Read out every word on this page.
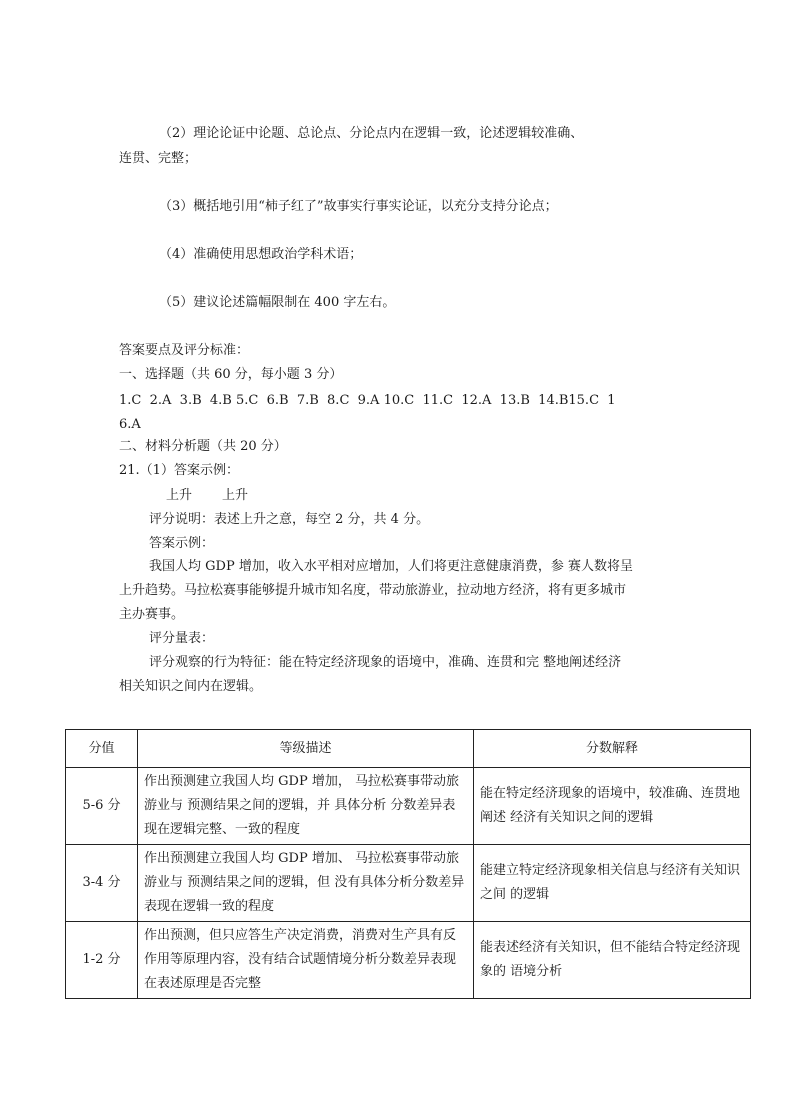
（2）理论论证中论题、总论点、分论点内在逻辑一致，论述逻辑较准确、
连贯、完整；
（3）概括地引用“柿子红了”故事实行事实论证，以充分支持分论点；
（4）准确使用思想政治学科术语；
（5）建议论述篇幅限制在 400 字左右。
答案要点及评分标准：
一、选择题（共 60 分，每小题 3 分）
1.C  2.A  3.B  4.B 5.C  6.B  7.B  8.C  9.A 10.C  11.C  12.A  13.B  14.B15.C  1
6.A
二、材料分析题（共 20 分）
21.（1）答案示例：
上升 上升
评分说明：表述上升之意，每空 2 分，共 4 分。
答案示例：
我国人均 GDP 增加，收入水平相对应增加，人们将更注意健康消费，参 赛人数将呈
上升趋势。马拉松赛事能够提升城市知名度，带动旅游业，拉动地方经济，将有更多城市
主办赛事。
评分量表：
评分观察的行为特征：能在特定经济现象的语境中，准确、连贯和完 整地阐述经济
相关知识之间内在逻辑。
分值	等级描述	分数解释
5-6 分	作出预测建立我国人均 GDP 增加， 马拉松赛事带动旅游业与 预测结果之间的逻辑，并 具体分析 分数差异表现在逻辑完整、一致的程度	能在特定经济现象的语境中，较准确、连贯地阐述 经济有关知识之间的逻辑
3-4 分	作出预测建立我国人均 GDP 增加、 马拉松赛事带动旅游业与 预测结果之间的逻辑，但 没有具体分析分数差异表现在逻辑一致的程度	能建立特定经济现象相关信息与经济有关知识之间 的逻辑
1-2 分	作出预测，但只应答生产决定消费，消费对生产具有反作用等原理内容，没有结合试题情境分析分数差异表现在表述原理是否完整	能表述经济有关知识，但不能结合特定经济现象的 语境分析
